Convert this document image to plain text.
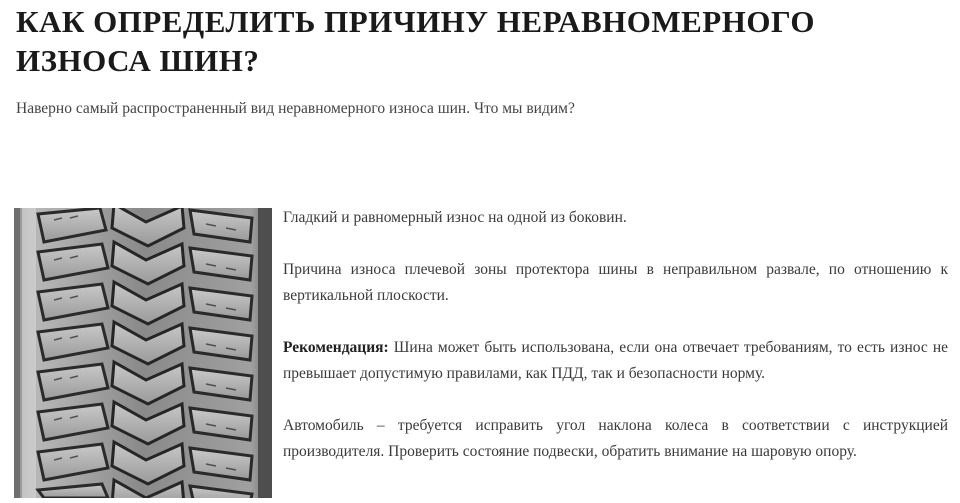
КАК ОПРЕДЕЛИТЬ ПРИЧИНУ НЕРАВНОМЕРНОГО ИЗНОСА ШИН?

Наверно самый распространенный вид неравномерного износа шин. Что мы видим?

Гладкий и равномерный износ на одной из боковин.

Причина износа плечевой зоны протектора шины в неправильном развале, по отношению к вертикальной плоскости.

Рекомендация: Шина может быть использована, если она отвечает требованиям, то есть износ не превышает допустимую правилами, как ПДД, так и безопасности норму.

Автомобиль – требуется исправить угол наклона колеса в соответствии с инструкцией производителя. Проверить состояние подвески, обратить внимание на шаровую опору.
